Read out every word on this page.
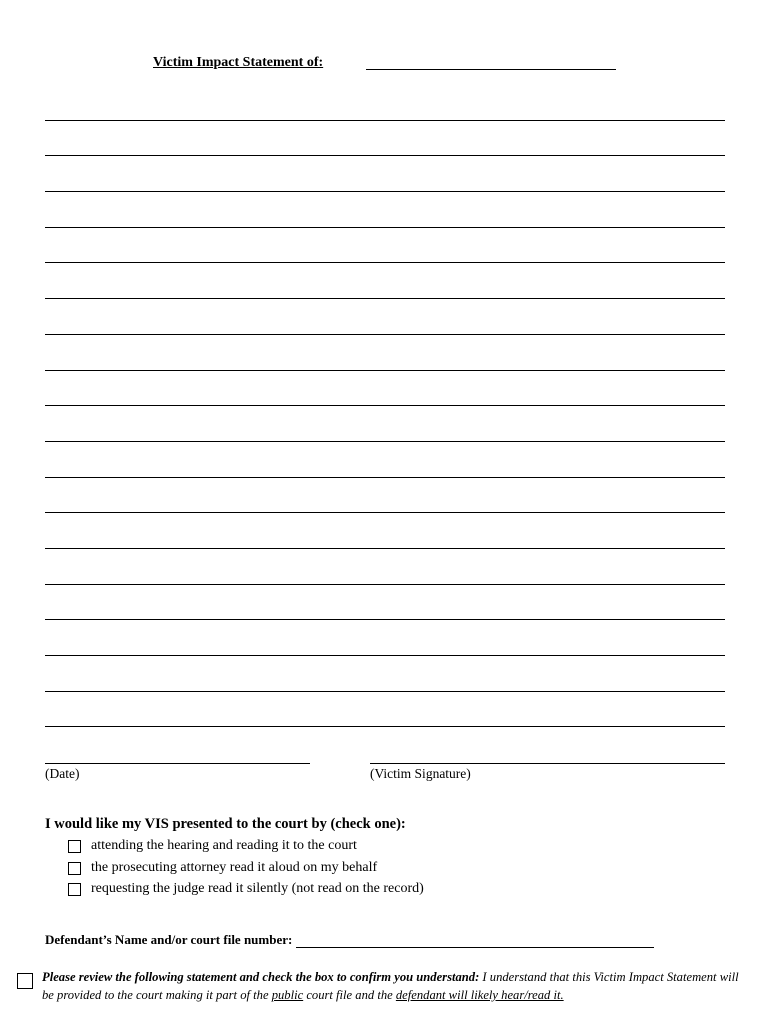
Victim Impact Statement of:
(Date)	(Victim Signature)
I would like my VIS presented to the court by (check one):
attending the hearing and reading it to the court
the prosecuting attorney read it aloud on my behalf
requesting the judge read it silently (not read on the record)
Defendant’s Name and/or court file number:
Please review the following statement and check the box to confirm you understand: I understand that this Victim Impact Statement will be provided to the court making it part of the public court file and the defendant will likely hear/read it.
